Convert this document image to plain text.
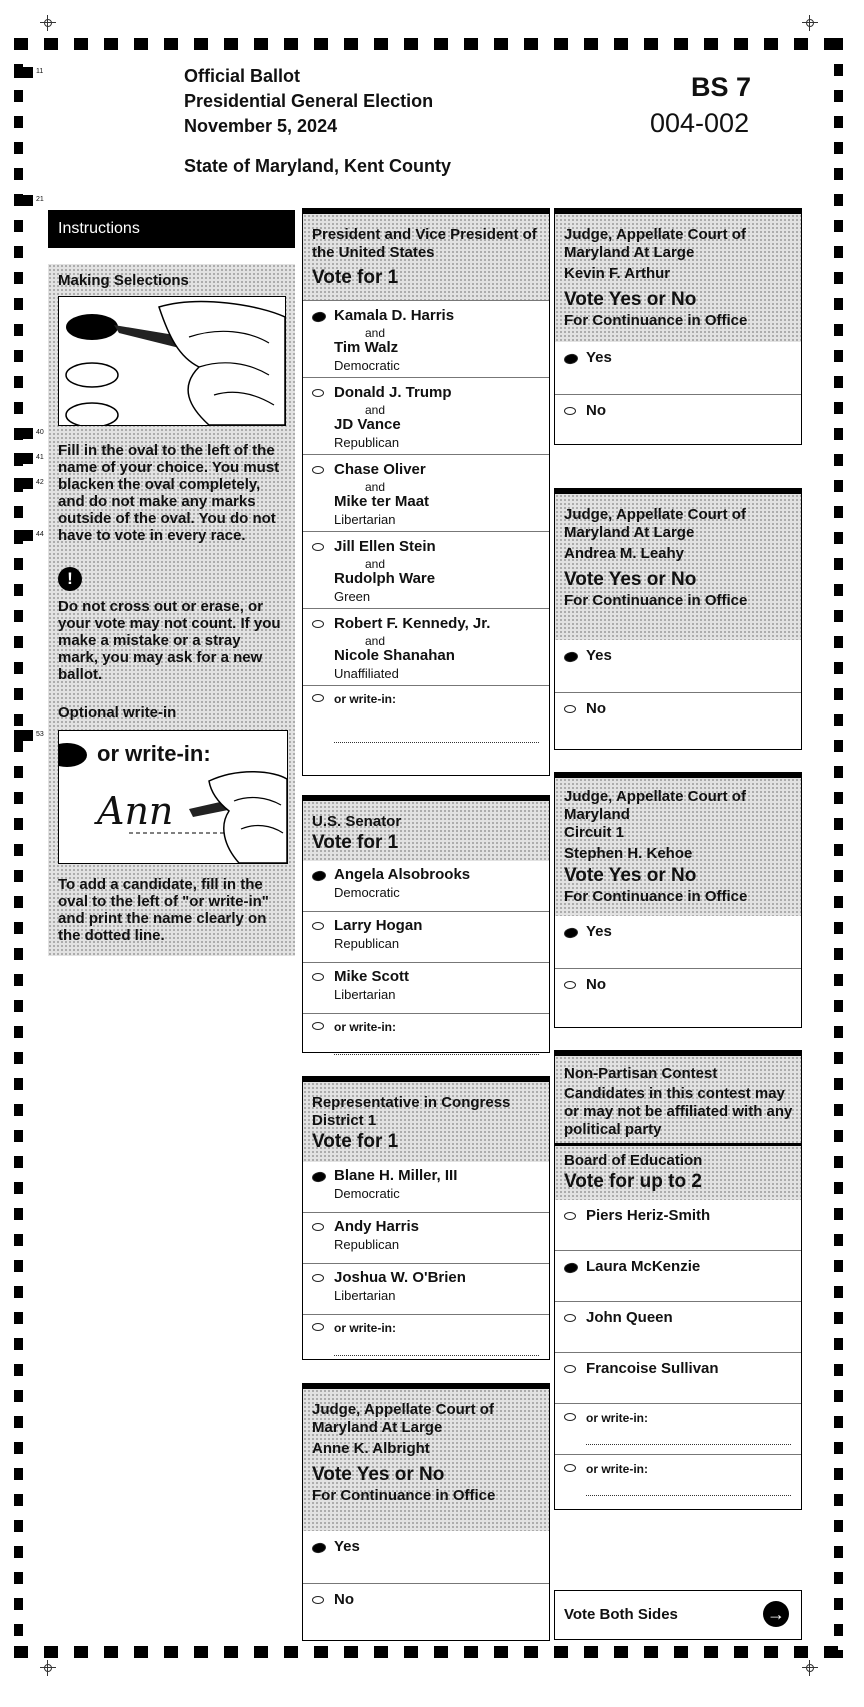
11
21
40
41
42
44
53
Official Ballot
Presidential General Election
November 5, 2024
State of Maryland, Kent County
BS 7
004-002
Instructions
Making Selections
Fill in the oval to the left of the name of your choice. You must blacken the oval completely, and do not make any marks outside of the oval. You do not have to vote in every race.
!
Do not cross out or erase, or your vote may not count. If you make a mistake or a stray mark, you may ask for a new ballot.
Optional write-in
or write-in:
Ann
To add a candidate, fill in the oval to the left of "or write-in" and print the name clearly on the dotted line.
President and Vice President of the United States
Vote for 1
Kamala D. Harris
and
Tim Walz
Democratic
Donald J. Trump
and
JD Vance
Republican
Chase Oliver
and
Mike ter Maat
Libertarian
Jill Ellen Stein
and
Rudolph Ware
Green
Robert F. Kennedy, Jr.
and
Nicole Shanahan
Unaffiliated
or write-in:
U.S. Senator
Vote for 1
Angela Alsobrooks
Democratic
Larry Hogan
Republican
Mike Scott
Libertarian
or write-in:
Representative in Congress District 1
Vote for 1
Blane H. Miller, III
Democratic
Andy Harris
Republican
Joshua W. O'Brien
Libertarian
or write-in:
Judge, Appellate Court of Maryland At Large
Anne K. Albright
Vote Yes or No
For Continuance in Office
Yes
No
Judge, Appellate Court of Maryland At Large
Kevin F. Arthur
Vote Yes or No
For Continuance in Office
Yes
No
Judge, Appellate Court of Maryland At Large
Andrea M. Leahy
Vote Yes or No
For Continuance in Office
Yes
No
Judge, Appellate Court of Maryland
Circuit 1
Stephen H. Kehoe
Vote Yes or No
For Continuance in Office
Yes
No
Non-Partisan Contest
Candidates in this contest may or may not be affiliated with any political party
Board of Education
Vote for up to 2
Piers Heriz-Smith
Laura McKenzie
John Queen
Francoise Sullivan
or write-in:
or write-in:
Vote Both Sides	→
